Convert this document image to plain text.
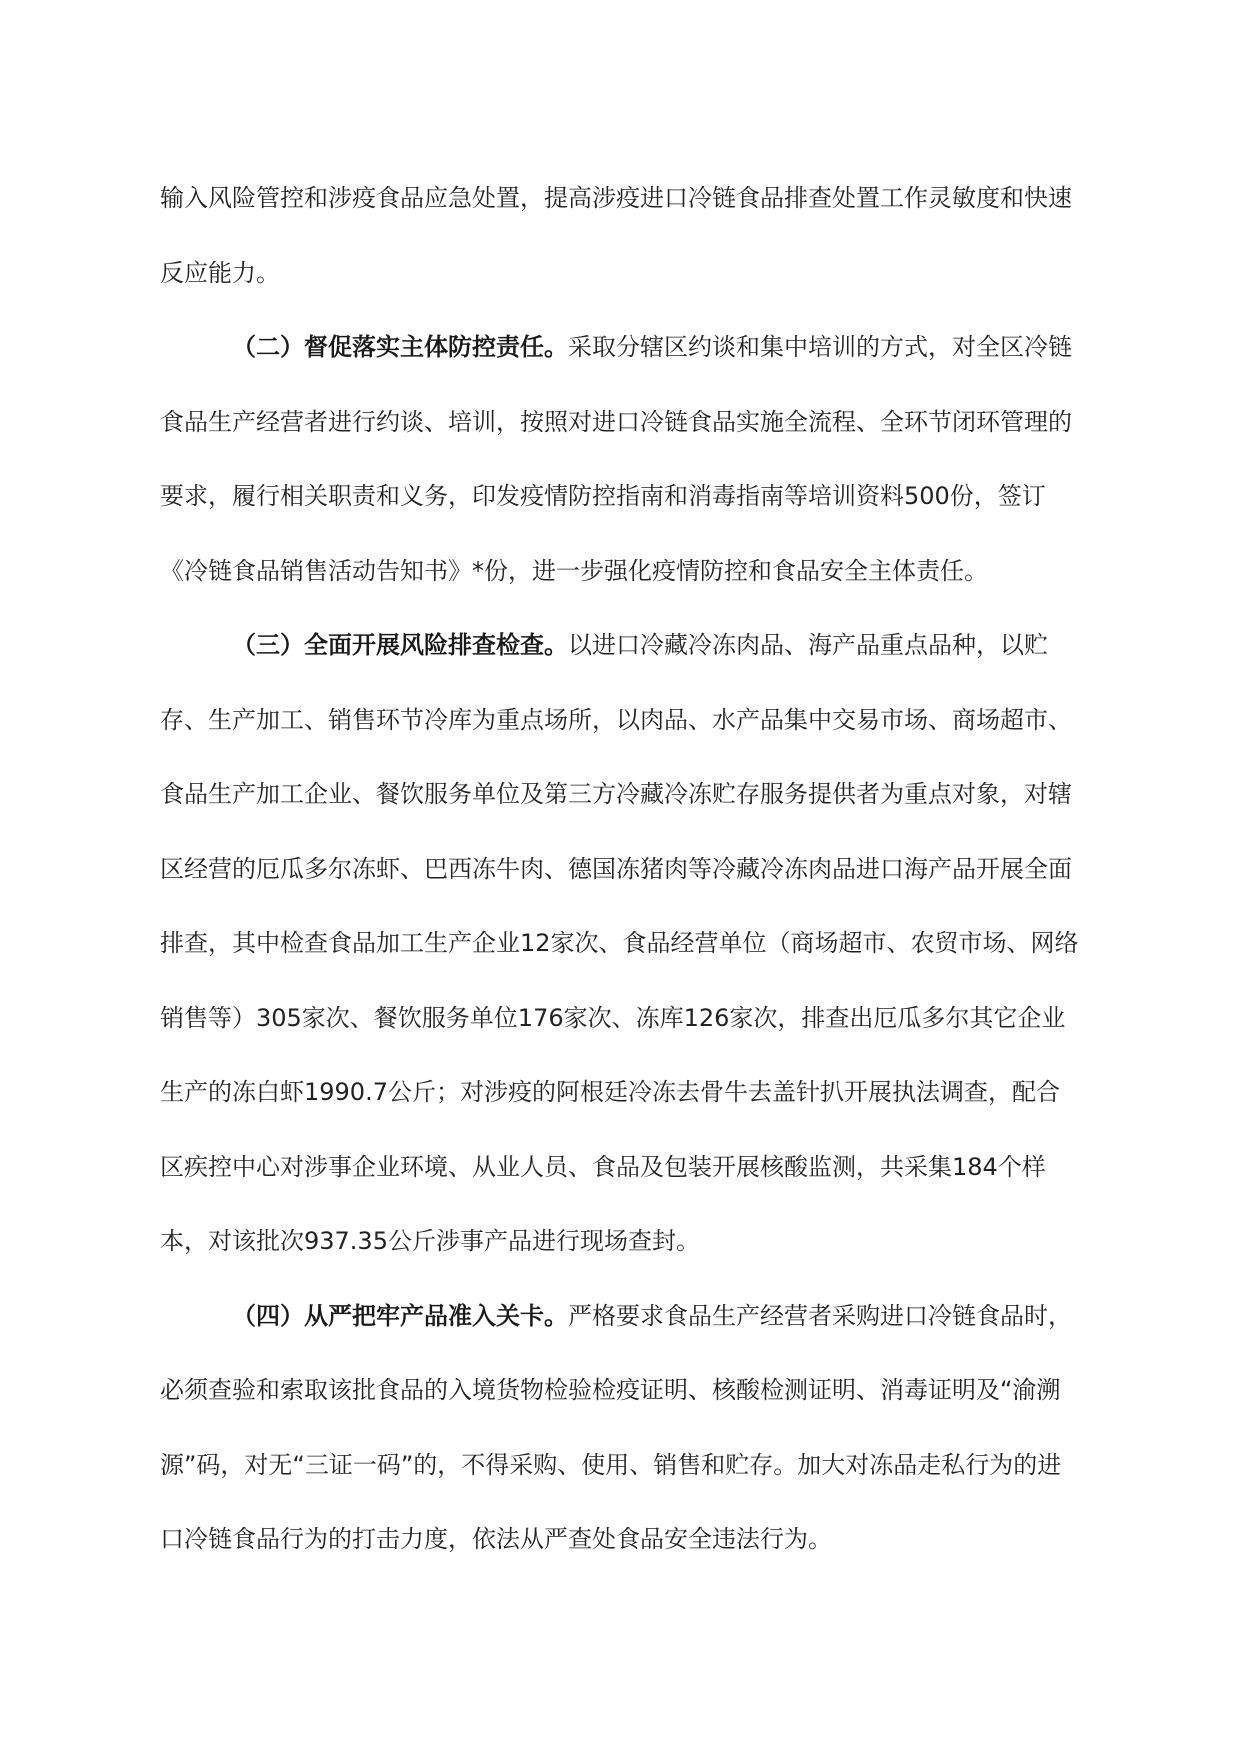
输入风险管控和涉疫食品应急处置，提高涉疫进口冷链食品排查处置工作灵敏度和快速反应能力。

（二）督促落实主体防控责任。采取分辖区约谈和集中培训的方式，对全区冷链食品生产经营者进行约谈、培训，按照对进口冷链食品实施全流程、全环节闭环管理的要求，履行相关职责和义务，印发疫情防控指南和消毒指南等培训资料500份，签订《冷链食品销售活动告知书》*份，进一步强化疫情防控和食品安全主体责任。

（三）全面开展风险排查检查。以进口冷藏冷冻肉品、海产品重点品种，以贮存、生产加工、销售环节冷库为重点场所，以肉品、水产品集中交易市场、商场超市、食品生产加工企业、餐饮服务单位及第三方冷藏冷冻贮存服务提供者为重点对象，对辖区经营的厄瓜多尔冻虾、巴西冻牛肉、德国冻猪肉等冷藏冷冻肉品进口海产品开展全面排查，其中检查食品加工生产企业12家次、食品经营单位（商场超市、农贸市场、网络销售等）305家次、餐饮服务单位176家次、冻库126家次，排查出厄瓜多尔其它企业生产的冻白虾1990.7公斤；对涉疫的阿根廷冷冻去骨牛去盖针扒开展执法调查，配合区疾控中心对涉事企业环境、从业人员、食品及包装开展核酸监测，共采集184个样本，对该批次937.35公斤涉事产品进行现场查封。

（四）从严把牢产品准入关卡。严格要求食品生产经营者采购进口冷链食品时，必须查验和索取该批食品的入境货物检验检疫证明、核酸检测证明、消毒证明及“渝溯源”码，对无“三证一码”的，不得采购、使用、销售和贮存。加大对冻品走私行为的进口冷链食品行为的打击力度，依法从严查处食品安全违法行为。
